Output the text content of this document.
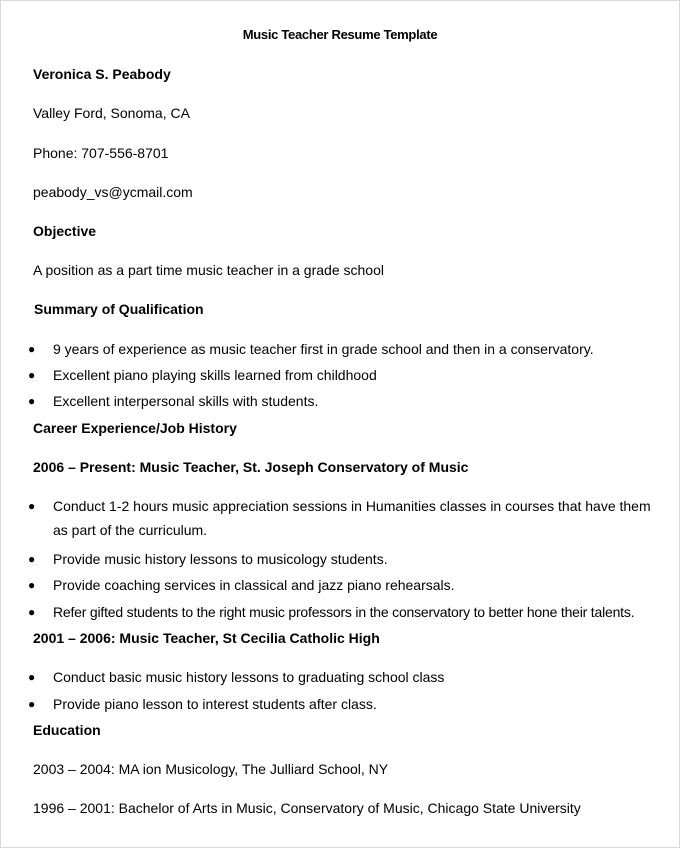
Music Teacher Resume Template
Veronica S. Peabody
Valley Ford, Sonoma, CA
Phone: 707-556-8701
peabody_vs@ycmail.com
Objective
A position as a part time music teacher in a grade school
Summary of Qualification
● 9 years of experience as music teacher first in grade school and then in a conservatory.
● Excellent piano playing skills learned from childhood
● Excellent interpersonal skills with students.
Career Experience/Job History
2006 – Present: Music Teacher, St. Joseph Conservatory of Music
● Conduct 1-2 hours music appreciation sessions in Humanities classes in courses that have them
as part of the curriculum.
● Provide music history lessons to musicology students.
● Provide coaching services in classical and jazz piano rehearsals.
● Refer gifted students to the right music professors in the conservatory to better hone their talents.
2001 – 2006: Music Teacher, St Cecilia Catholic High
● Conduct basic music history lessons to graduating school class
● Provide piano lesson to interest students after class.
Education
2003 – 2004: MA ion Musicology, The Julliard School, NY
1996 – 2001: Bachelor of Arts in Music, Conservatory of Music, Chicago State University
